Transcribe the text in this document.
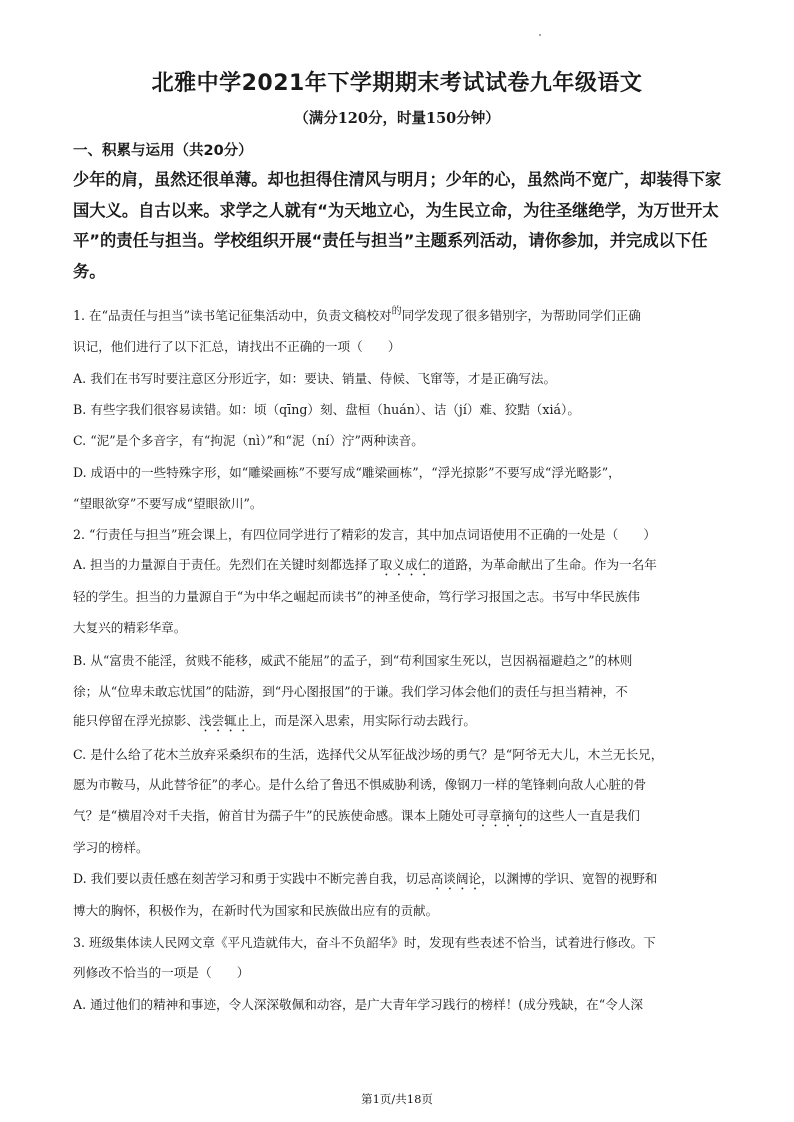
北雅中学2021年下学期期末考试试卷九年级语文
（满分120分，时量150分钟）
一、积累与运用（共20分）
少年的肩，虽然还很单薄。却也担得住清风与明月；少年的心，虽然尚不宽广，却装得下家
国大义。自古以来。求学之人就有“为天地立心，为生民立命，为往圣继绝学，为万世开太
平”的责任与担当。学校组织开展“责任与担当”主题系列活动，请你参加，并完成以下任
务。
1. 在“品责任与担当”读书笔记征集活动中，负责文稿校对$^的$同学发现了很多错别字，为帮助同学们正确
识记，他们进行了以下汇总，请找出不正确的一项（　　）
A. 我们在书写时要注意区分形近字，如：要诀、销量、侍候、飞窜等，才是正确写法。
B. 有些字我们很容易读错。如：顷（qīng）刻、盘桓（huán）、诘（jí）难、狡黠（xiá）。
C. “泥”是个多音字，有“拘泥（nì）”和“泥（ní）泞”两种读音。
D. 成语中的一些特殊字形，如“雕梁画栋”不要写成“雕梁画栋”，“浮光掠影”不要写成“浮光略影”，
“望眼欲穿”不要写成“望眼欲川”。
2. “行责任与担当”班会课上，有四位同学进行了精彩的发言，其中加点词语使用不正确的一处是（　　）
A. 担当的力量源自于责任。先烈们在关键时刻都选择了取义成仁的道路，为革命献出了生命。作为一名年
轻的学生。担当的力量源自于“为中华之崛起而读书”的神圣使命，笃行学习报国之志。书写中华民族伟
大复兴的精彩华章。
B. 从“富贵不能淫，贫贱不能移，威武不能屈”的孟子，到“苟利国家生死以，岂因祸福避趋之”的林则
徐；从“位卑未敢忘忧国”的陆游，到“丹心图报国”的于谦。我们学习体会他们的责任与担当精神，不
能只停留在浮光掠影、浅尝辄止上，而是深入思索，用实际行动去践行。
C. 是什么给了花木兰放弃采桑织布的生活，选择代父从军征战沙场的勇气？是“阿爷无大儿，木兰无长兄，
愿为市鞍马，从此替爷征”的孝心。是什么给了鲁迅不惧威胁利诱，像钢刀一样的笔锋刺向敌人心脏的骨
气？是“横眉冷对千夫指，俯首甘为孺子牛”的民族使命感。课本上随处可寻章摘句的这些人一直是我们
学习的榜样。
D. 我们要以责任感在刻苦学习和勇于实践中不断完善自我，切忌高谈阔论，以渊博的学识、宽智的视野和
博大的胸怀，积极作为，在新时代为国家和民族做出应有的贡献。
3. 班级集体读人民网文章《平凡造就伟大，奋斗不负韶华》时，发现有些表述不恰当，试着进行修改。下
列修改不恰当的一项是（　　）
A. 通过他们的精神和事迹，令人深深敬佩和动容，是广大青年学习践行的榜样！(成分残缺，在“令人深
第1页/共18页
